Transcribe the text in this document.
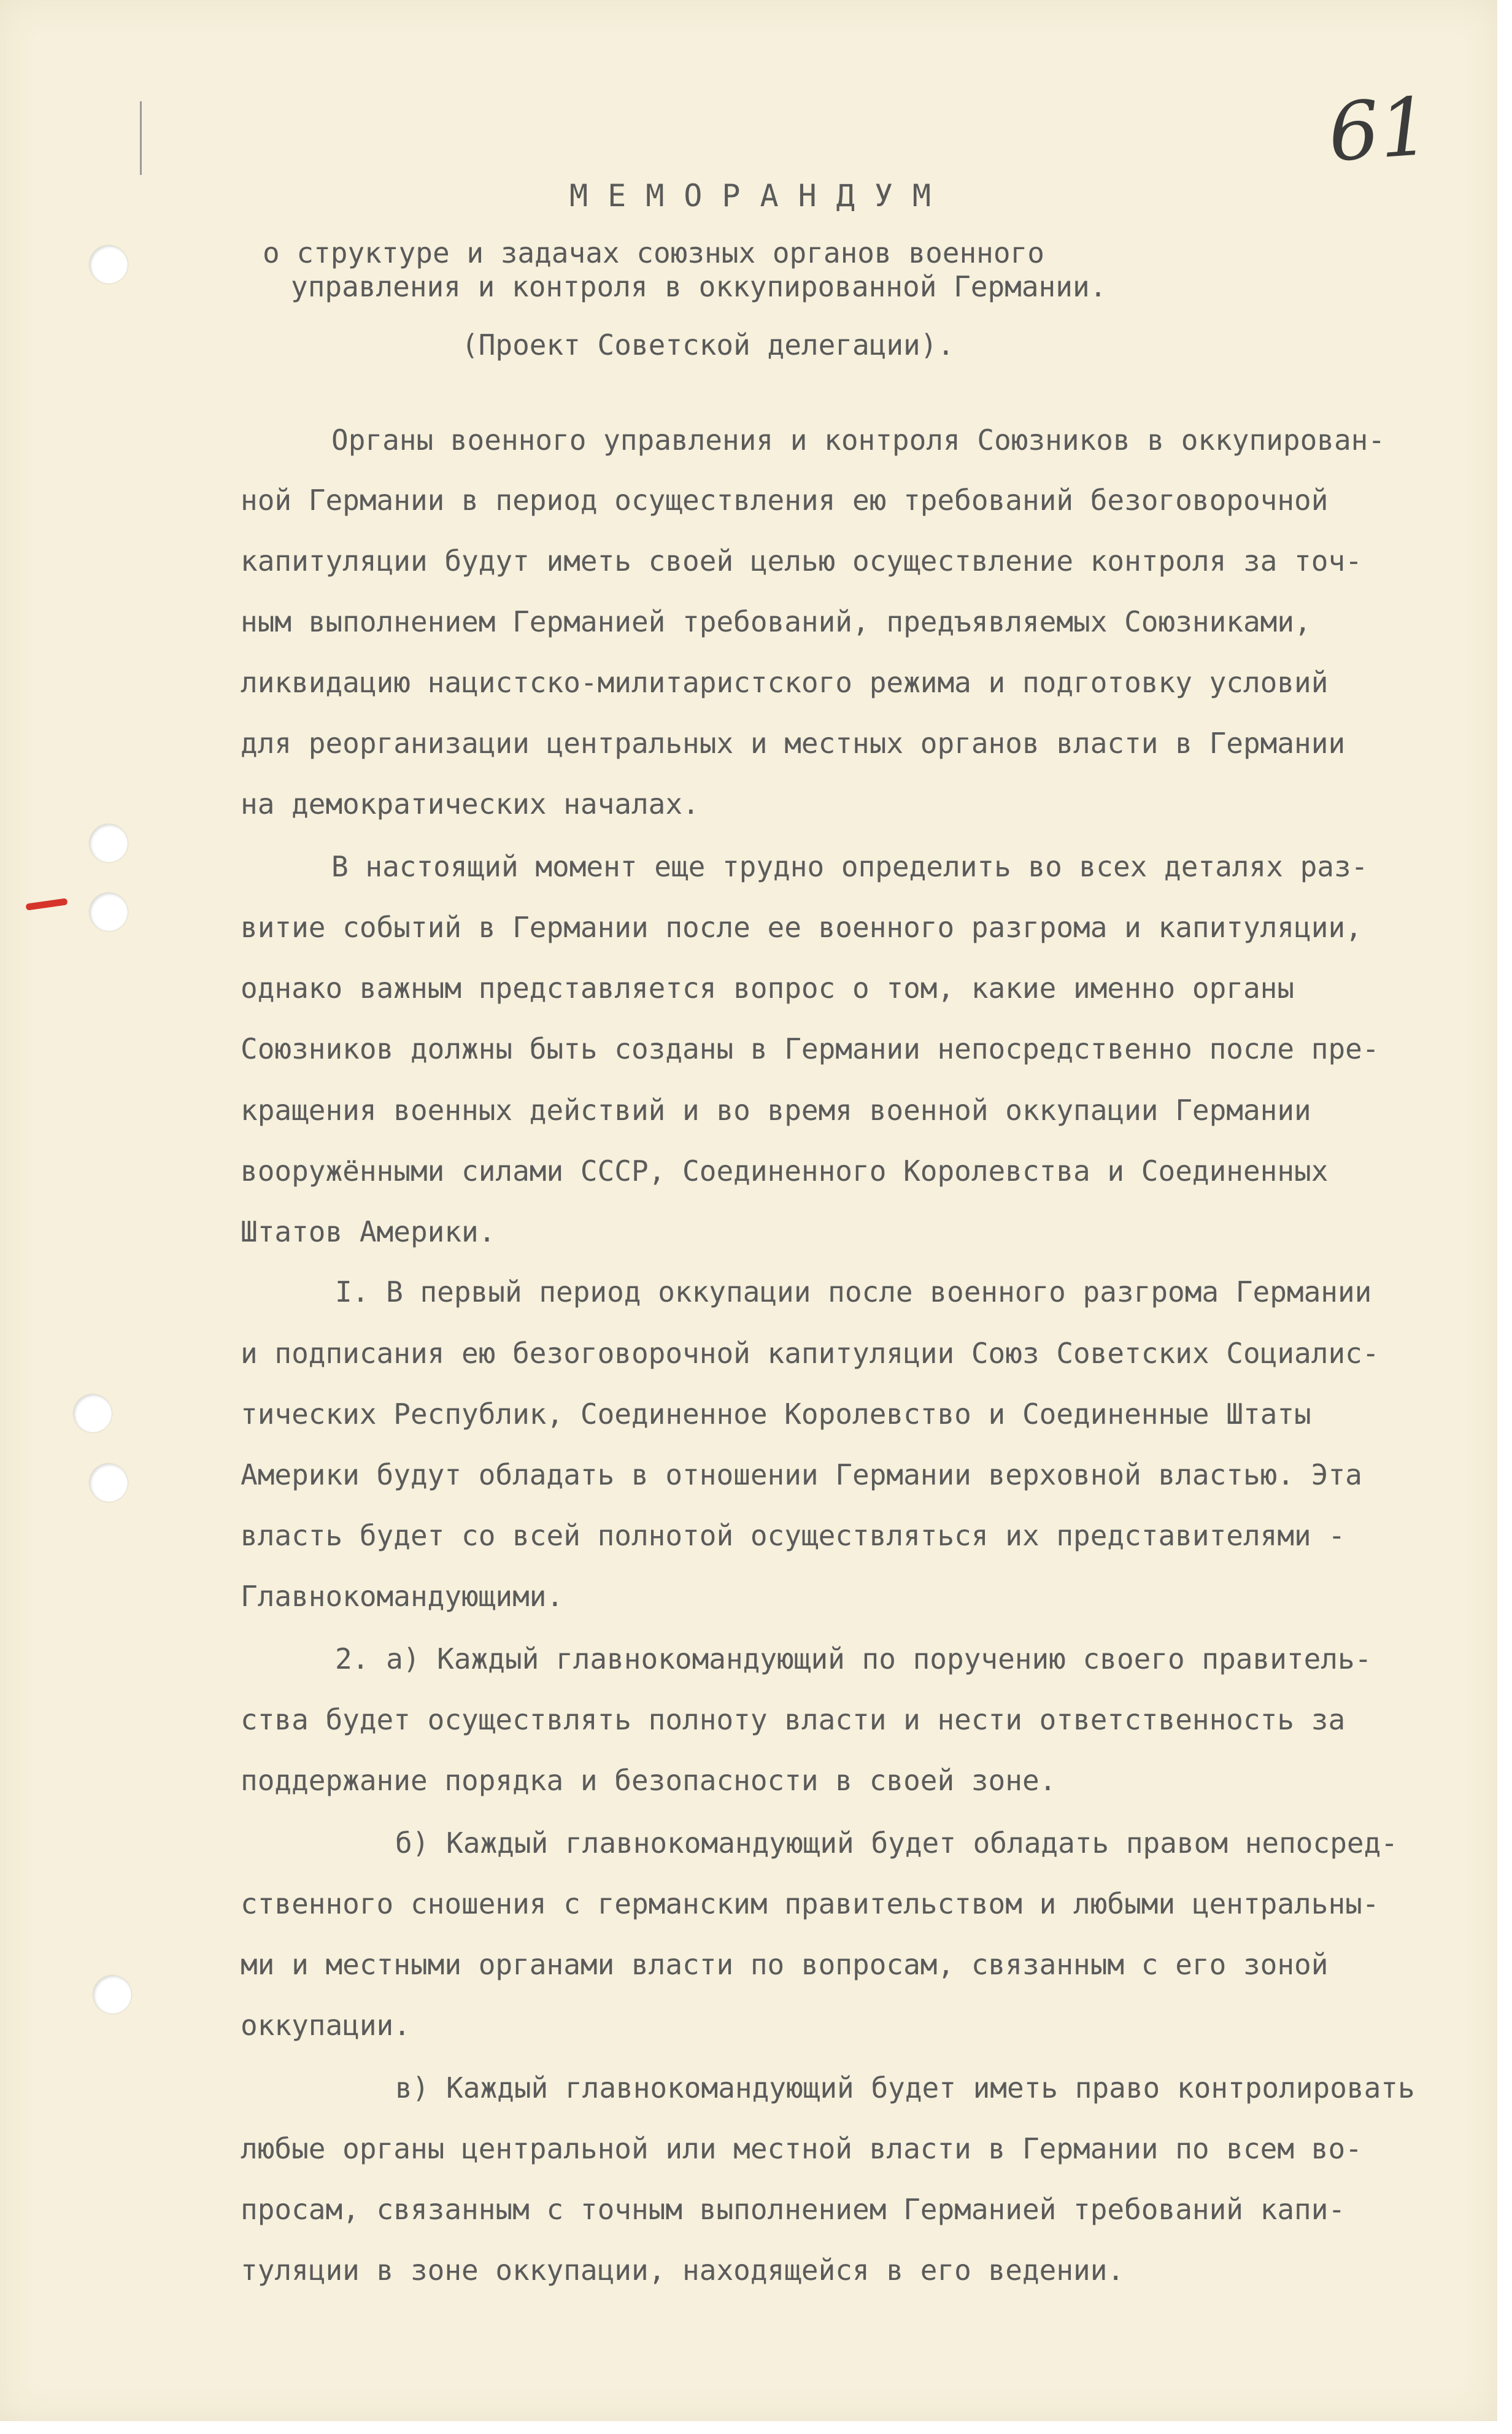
61
МЕМОРАНДУМ
о структуре и задачах союзных органов военного
управления и контроля в оккупированной Германии.
(Проект Советской делегации).
Органы военного управления и контроля Союзников в оккупирован-
ной Германии в период осуществления ею требований безоговорочной
капитуляции будут иметь своей целью осуществление контроля за точ-
ным выполнением Германией требований, предъявляемых Союзниками,
ликвидацию нацистско-милитаристского режима и подготовку условий
для реорганизации центральных и местных органов власти в Германии
на демократических началах.
В настоящий момент еще трудно определить во всех деталях раз-
витие событий в Германии после ее военного разгрома и капитуляции,
однако важным представляется вопрос о том, какие именно органы
Союзников должны быть созданы в Германии непосредственно после пре-
кращения военных действий и во время военной оккупации Германии
вооружёнными силами СССР, Соединенного Королевства и Соединенных
Штатов Америки.
I. В первый период оккупации после военного разгрома Германии
и подписания ею безоговорочной капитуляции Союз Советских Социалис-
тических Республик, Соединенное Королевство и Соединенные Штаты
Америки будут обладать в отношении Германии верховной властью. Эта
власть будет со всей полнотой осуществляться их представителями -
Главнокомандующими.
2. а) Каждый главнокомандующий по поручению своего правитель-
ства будет осуществлять полноту власти и нести ответственность за
поддержание порядка и безопасности в своей зоне.
б) Каждый главнокомандующий будет обладать правом непосред-
ственного сношения с германским правительством и любыми центральны-
ми и местными органами власти по вопросам, связанным с его зоной
оккупации.
в) Каждый главнокомандующий будет иметь право контролировать
любые органы центральной или местной власти в Германии по всем во-
просам, связанным с точным выполнением Германией требований капи-
туляции в зоне оккупации, находящейся в его ведении.
